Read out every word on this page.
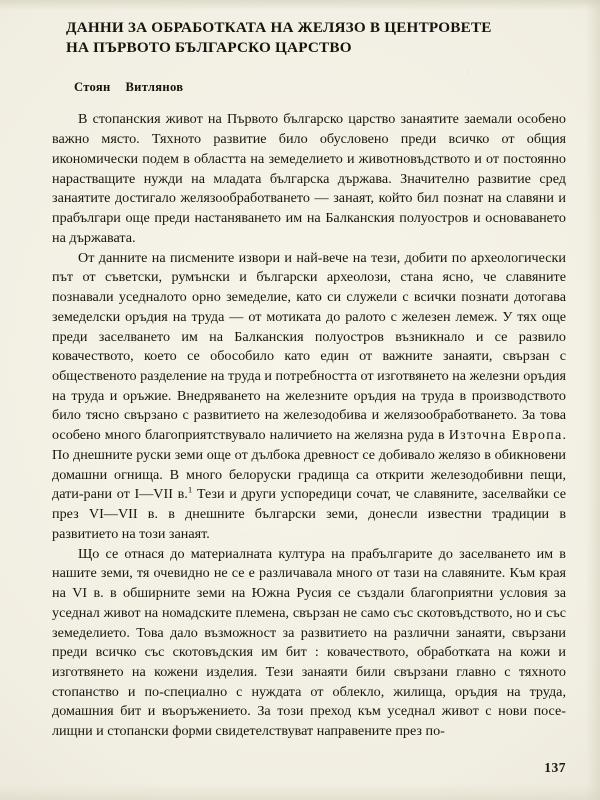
ДАННИ ЗА ОБРАБОТКАТА НА ЖЕЛЯЗО В ЦЕНТРОВЕТЕ
НА ПЪРВОТО БЪЛГАРСКО ЦАРСТВО
Стоян Витлянов

В стопанския живот на Първото българско царство занаятите заемали особено важно място. Тяхното развитие било обусловено преди всичко от общия икономически подем в областта на земеделието и животновъдството и от постоянно нарастващите нужди на младата българска държава. Значително развитие сред занаятите достигало желязообработването — занаят, който бил познат на славяни и прабългари още преди настаняването им на Балканския полуостров и основаването на държавата.

От данните на писмените извори и най-вече на тези, добити по археологически път от съветски, румънски и български археолози, стана ясно, че славяните познавали уседналото орно земеделие, като си служели с всички познати дотогава земеделски оръдия на труда — от мотиката до ралото с железен лемеж. У тях още преди заселването им на Балканския полуостров възникнало и се развило ковачеството, което се обособило като един от важните занаяти, свързан с общественото разделение на труда и потребността от изготвянето на железни оръдия на труда и оръжие. Внедряването на железните оръдия на труда в производството било тясно свързано с развитието на железодобива и желязообработването. За това особено много благоприятствувало наличието на желязна руда в Източна Европа. По днешните руски земи още от дълбока древност се добивало желязо в обикновени домашни огнища. В много белоруски градища са открити железодобивни пещи, дати-рани от I—VII в.$^1$ Тези и други успоредици сочат, че славяните, заселвайки се през VI—VII в. в днешните български земи, донесли известни традиции в развитието на този занаят.

Що се отнася до материалната култура на прабългарите до заселването им в нашите земи, тя очевидно не се е различавала много от тази на славяните. Към края на VI в. в обширните земи на Южна Русия се създали благоприятни условия за уседнал живот на номадските племена, свързан не само със скотовъдството, но и със земеделието. Това дало възможност за развитието на различни занаяти, свързани преди всичко със скотовъдския им бит : ковачеството, обработката на кожи и изготвянето на кожени изделия. Тези занаяти били свързани главно с тяхното стопанство и по-специално с нуждата от облекло, жилища, оръдия на труда, домашния бит и въоръжението. За този преход към уседнал живот с нови посе-лищни и стопански форми свидетелствуват направените през по-

137
